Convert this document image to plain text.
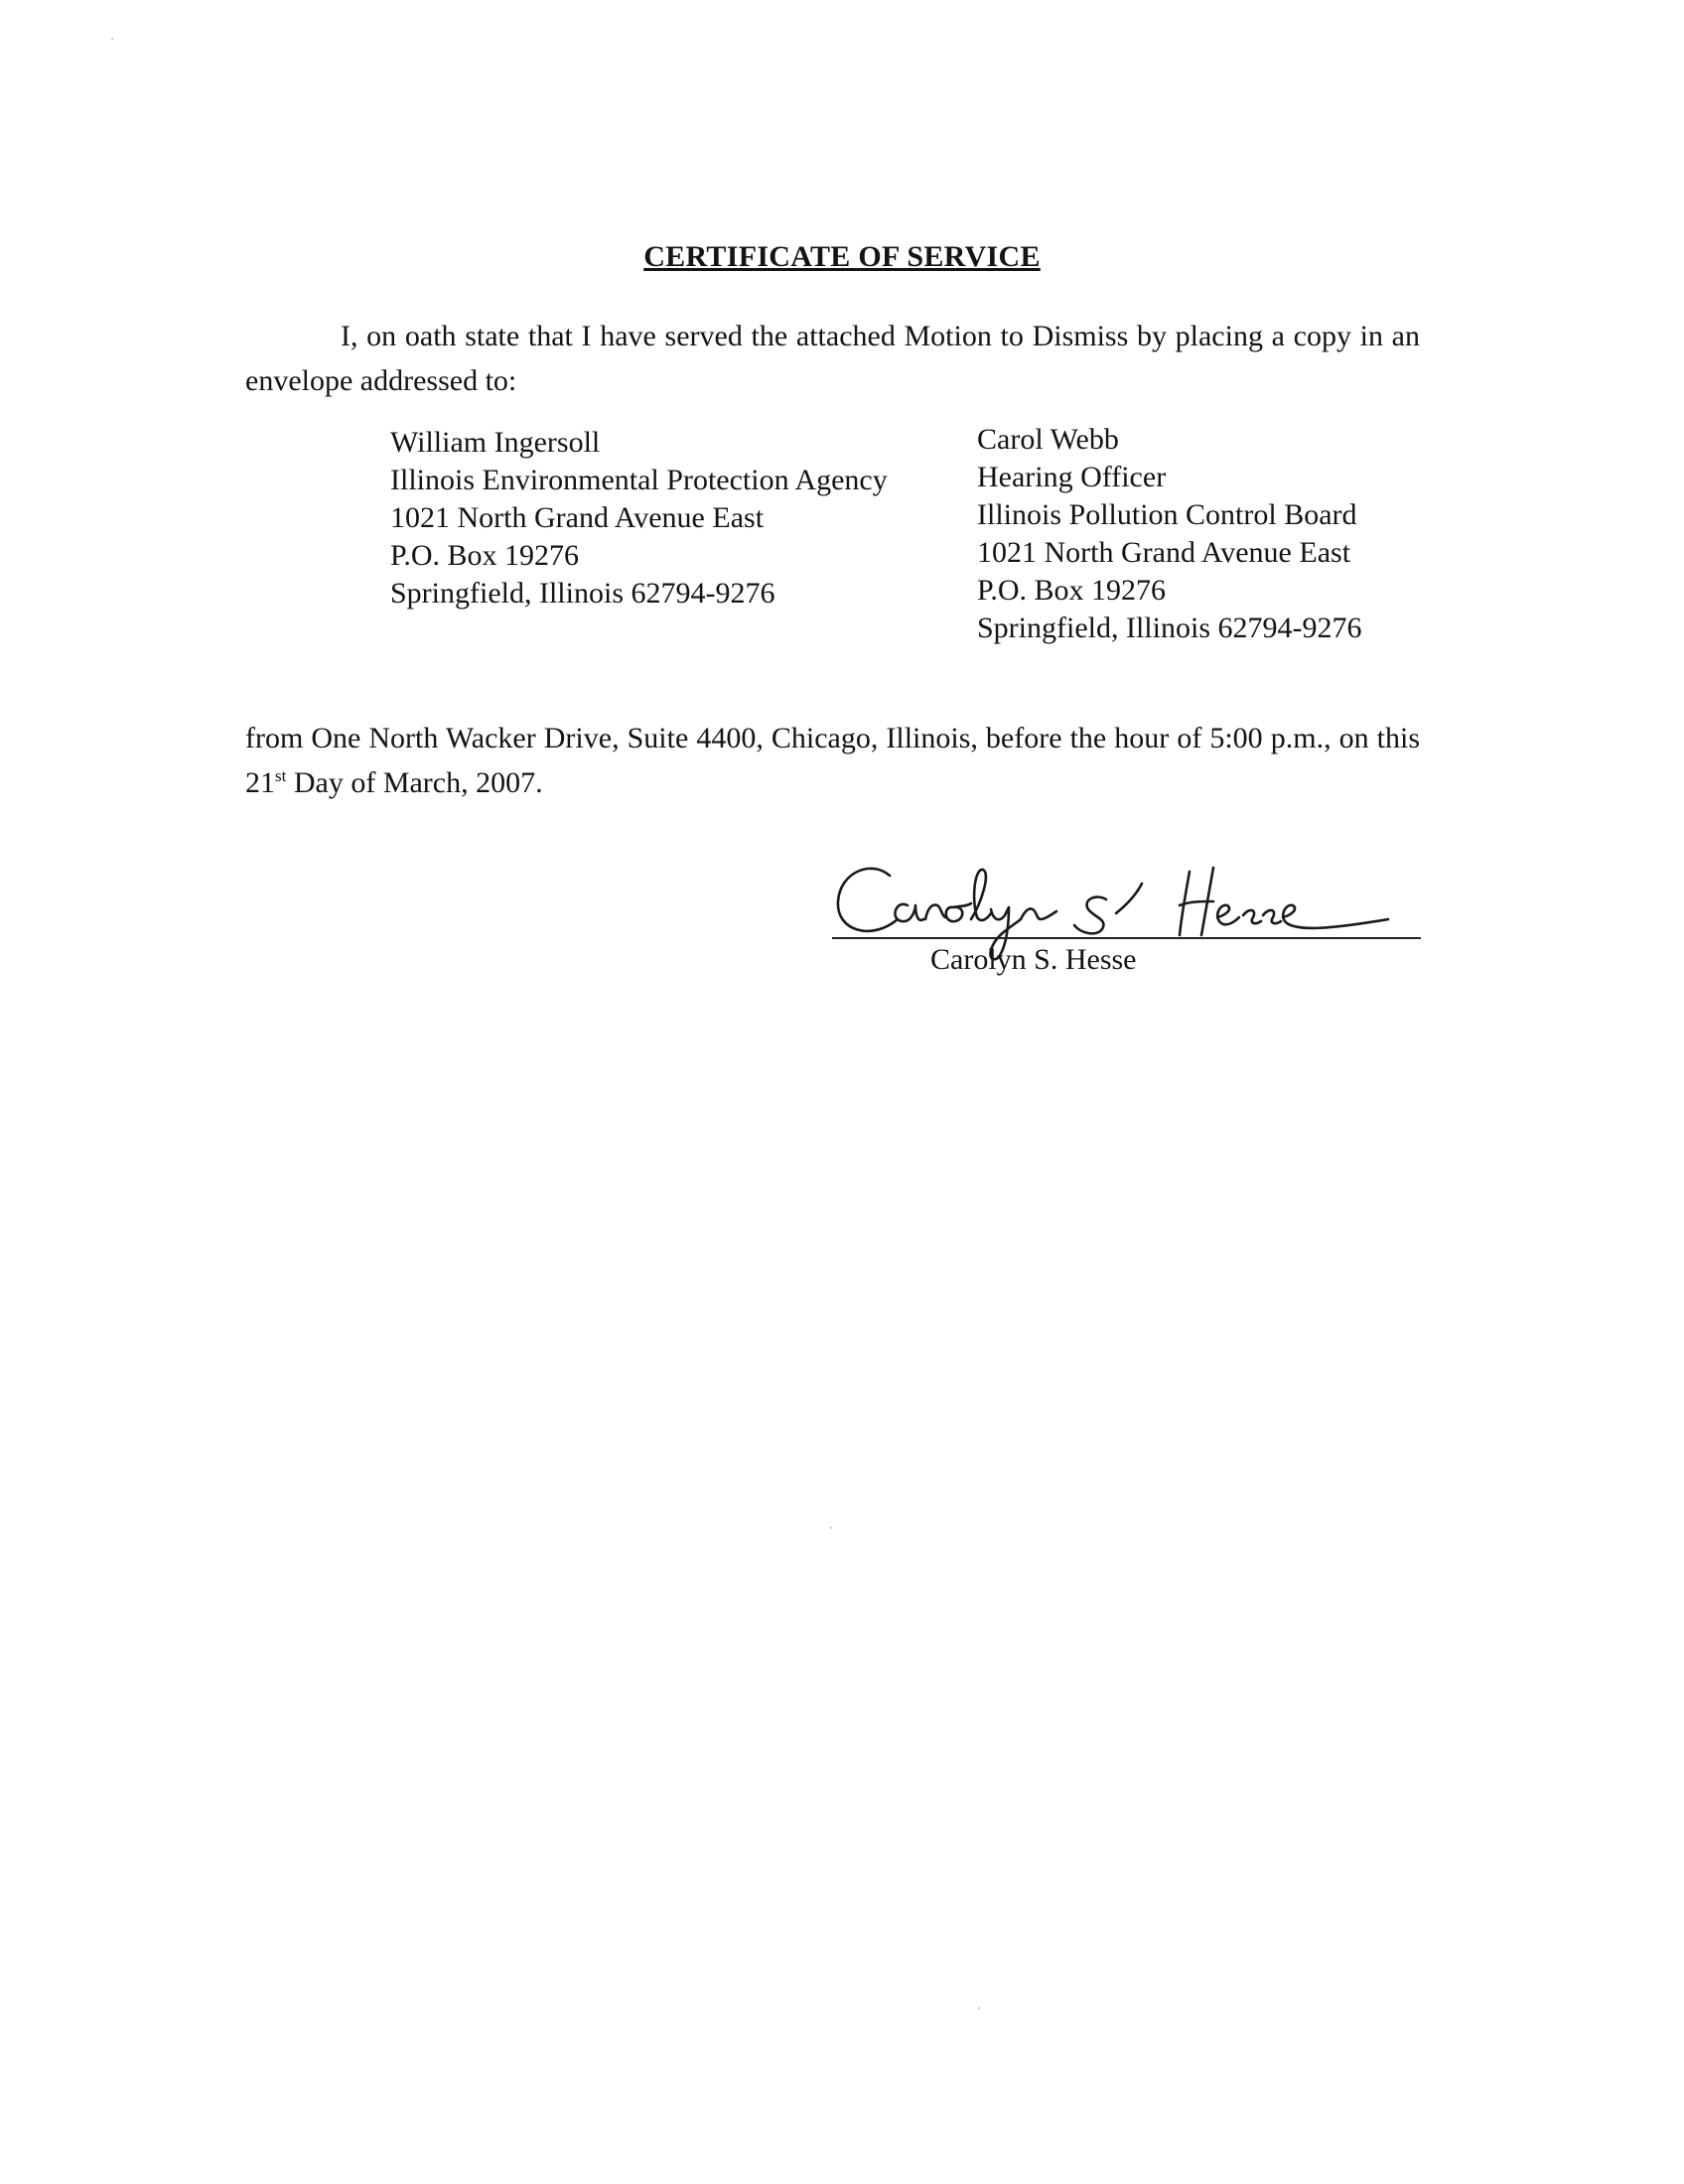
CERTIFICATE OF SERVICE
I, on oath state that I have served the attached Motion to Dismiss by placing a copy in an envelope addressed to:
William Ingersoll
Illinois Environmental Protection Agency
1021 North Grand Avenue East
P.O. Box 19276
Springfield, Illinois 62794-9276
Carol Webb
Hearing Officer
Illinois Pollution Control Board
1021 North Grand Avenue East
P.O. Box 19276
Springfield, Illinois 62794-9276
from One North Wacker Drive, Suite 4400, Chicago, Illinois, before the hour of 5:00 p.m., on this 21st Day of March, 2007.
Carolyn S. Hesse
